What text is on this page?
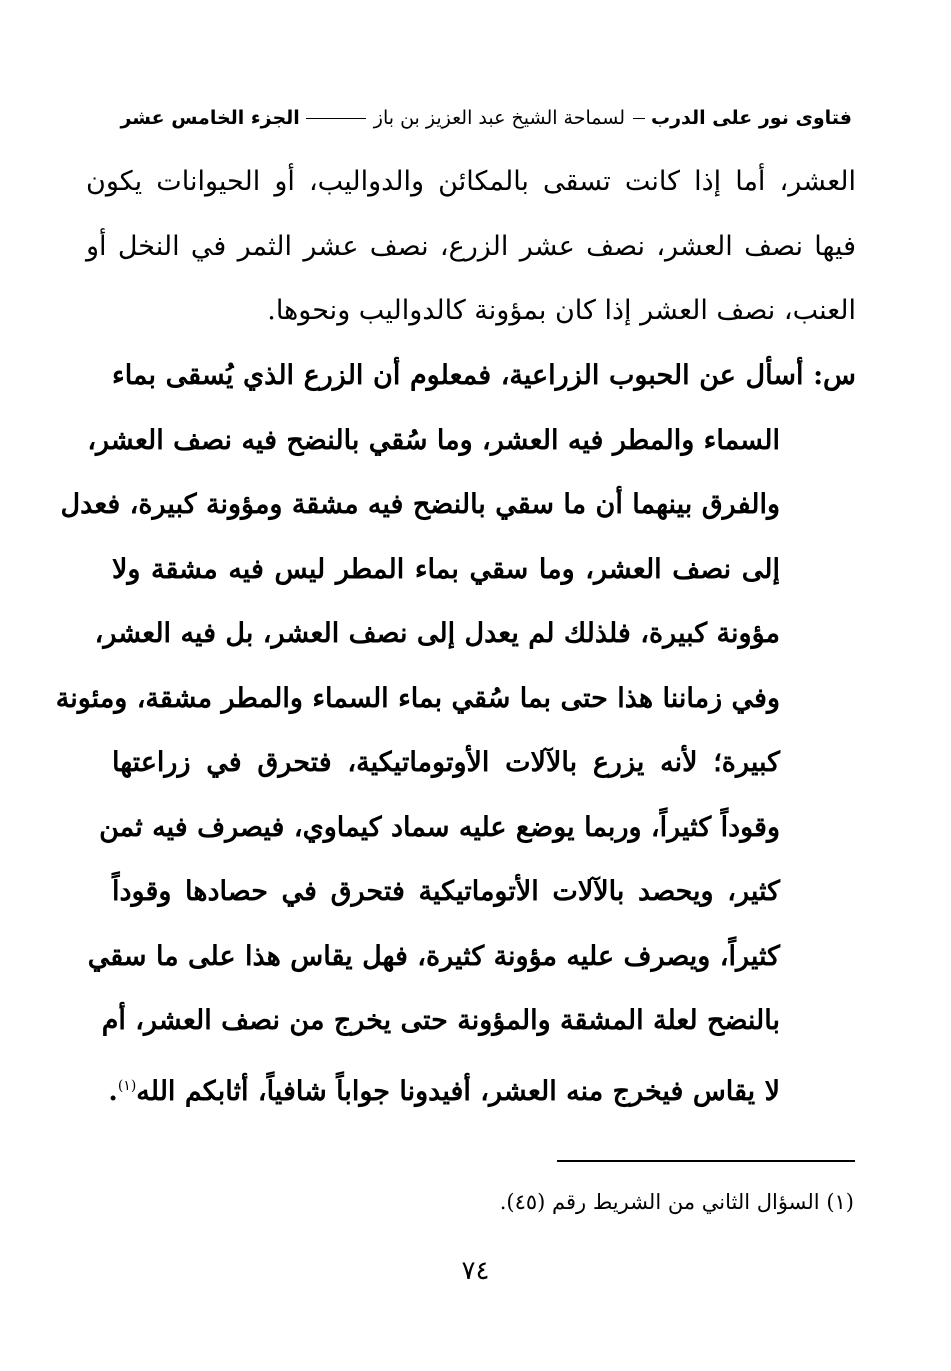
فتاوى نور على الدرب
لسماحة الشيخ عبد العزيز بن باز
الجزء الخامس عشر
العشر، أما إذا كانت تسقى بالمكائن والدواليب، أو الحيوانات يكون
فيها نصف العشر، نصف عشر الزرع، نصف عشر الثمر في النخل أو
العنب، نصف العشر إذا كان بمؤونة كالدواليب ونحوها.
س: أسأل عن الحبوب الزراعية، فمعلوم أن الزرع الذي يُسقى بماء
السماء والمطر فيه العشر، وما سُقي بالنضح فيه نصف العشر،
والفرق بينهما أن ما سقي بالنضح فيه مشقة ومؤونة كبيرة، فعدل
إلى نصف العشر، وما سقي بماء المطر ليس فيه مشقة ولا
مؤونة كبيرة، فلذلك لم يعدل إلى نصف العشر، بل فيه العشر،
وفي زماننا هذا حتى بما سُقي بماء السماء والمطر مشقة، ومئونة
كبيرة؛ لأنه يزرع بالآلات الأوتوماتيكية، فتحرق في زراعتها
وقوداً كثيراً، وربما يوضع عليه سماد كيماوي، فيصرف فيه ثمن
كثير، ويحصد بالآلات الأتوماتيكية فتحرق في حصادها وقوداً
كثيراً، ويصرف عليه مؤونة كثيرة، فهل يقاس هذا على ما سقي
بالنضح لعلة المشقة والمؤونة حتى يخرج من نصف العشر، أم
لا يقاس فيخرج منه العشر، أفيدونا جواباً شافياً، أثابكم الله$^{(١)}$.
(١) السؤال الثاني من الشريط رقم (٤٥).
٧٤
